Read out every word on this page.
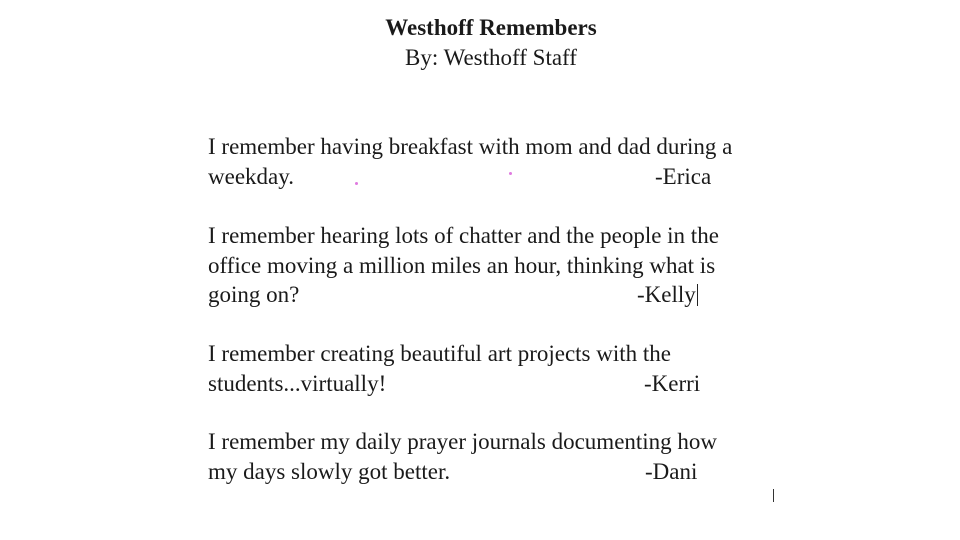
Westhoff Remembers

By: Westhoff Staff

I remember having breakfast with mom and dad during a
weekday.	-Erica
I remember hearing lots of chatter and the people in the
office moving a million miles an hour, thinking what is
going on?	-Kelly
I remember creating beautiful art projects with the
students...virtually!	-Kerri
I remember my daily prayer journals documenting how
my days slowly got better.	-Dani
